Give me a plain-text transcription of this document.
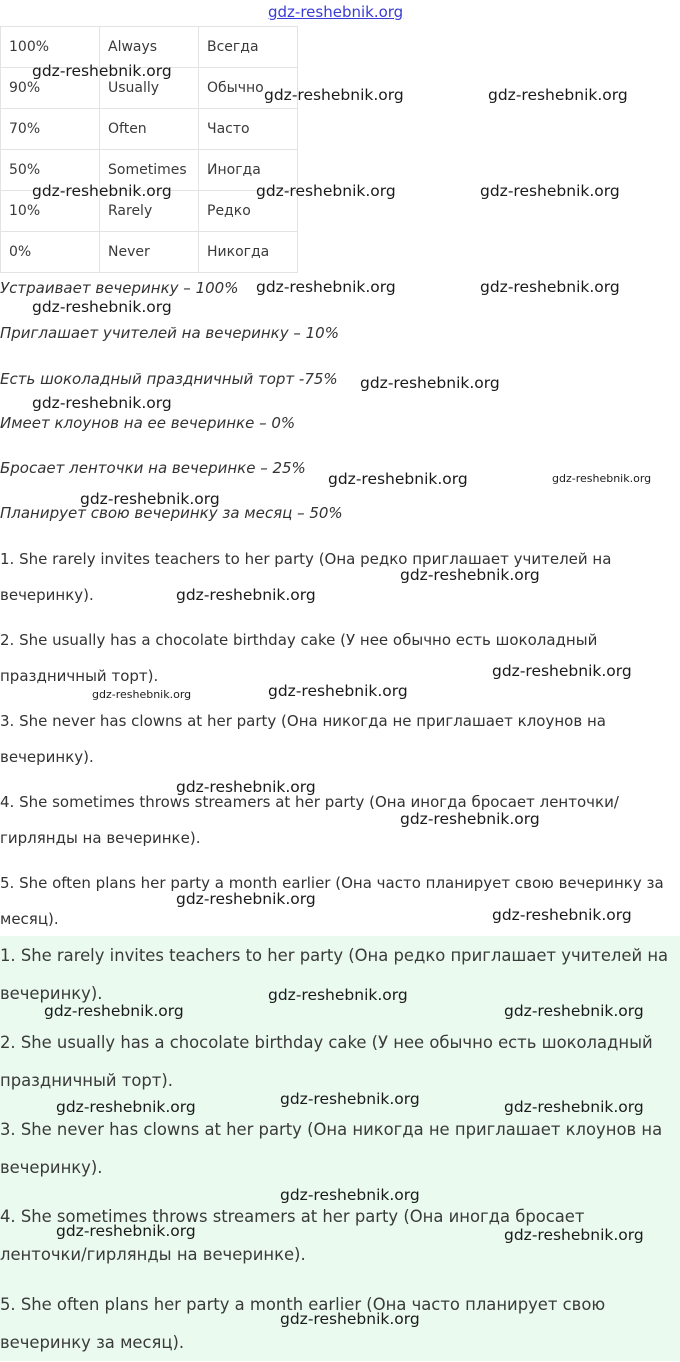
gdz-reshebnik.org
100%	Always	Всегда
90%	Usually	Обычно
70%	Often	Часто
50%	Sometimes	Иногда
10%	Rarely	Редко
0%	Never	Никогда
Устраивает вечеринку – 100%
Приглашает учителей на вечеринку – 10%
Есть шоколадный праздничный торт -75%
Имеет клоунов на ее вечеринке – 0%
Бросает ленточки на вечеринке – 25%
Планирует свою вечеринку за месяц – 50%
1. She rarely invites teachers to her party (Она редко приглашает учителей на вечеринку).
2. She usually has a chocolate birthday cake (У нее обычно есть шоколадный праздничный торт).
3. She never has clowns at her party (Она никогда не приглашает клоунов на вечеринку).
4. She sometimes throws streamers at her party (Она иногда бросает ленточки/ гирлянды на вечеринке).
5. She often plans her party a month earlier (Она часто планирует свою вечеринку за месяц).
1. She rarely invites teachers to her party (Она редко приглашает учителей на вечеринку).
2. She usually has a chocolate birthday cake (У нее обычно есть шоколадный праздничный торт).
3. She never has clowns at her party (Она никогда не приглашает клоунов на вечеринку).
4. She sometimes throws streamers at her party (Она иногда бросает ленточки/гирлянды на вечеринке).
5. She often plans her party a month earlier (Она часто планирует свою вечеринку за месяц).
gdz-reshebnik.org
gdz-reshebnik.org	gdz-reshebnik.org
gdz-reshebnik.org	gdz-reshebnik.org	gdz-reshebnik.org
gdz-reshebnik.org	gdz-reshebnik.org
gdz-reshebnik.org
gdz-reshebnik.org
gdz-reshebnik.org
gdz-reshebnik.org	gdz-reshebnik.org
gdz-reshebnik.org
gdz-reshebnik.org
gdz-reshebnik.org
gdz-reshebnik.org
gdz-reshebnik.org
gdz-reshebnik.org
gdz-reshebnik.org
gdz-reshebnik.org
gdz-reshebnik.org
gdz-reshebnik.org
gdz-reshebnik.org
gdz-reshebnik.org	gdz-reshebnik.org
gdz-reshebnik.org
gdz-reshebnik.org	gdz-reshebnik.org
gdz-reshebnik.org
gdz-reshebnik.org	gdz-reshebnik.org
gdz-reshebnik.org
